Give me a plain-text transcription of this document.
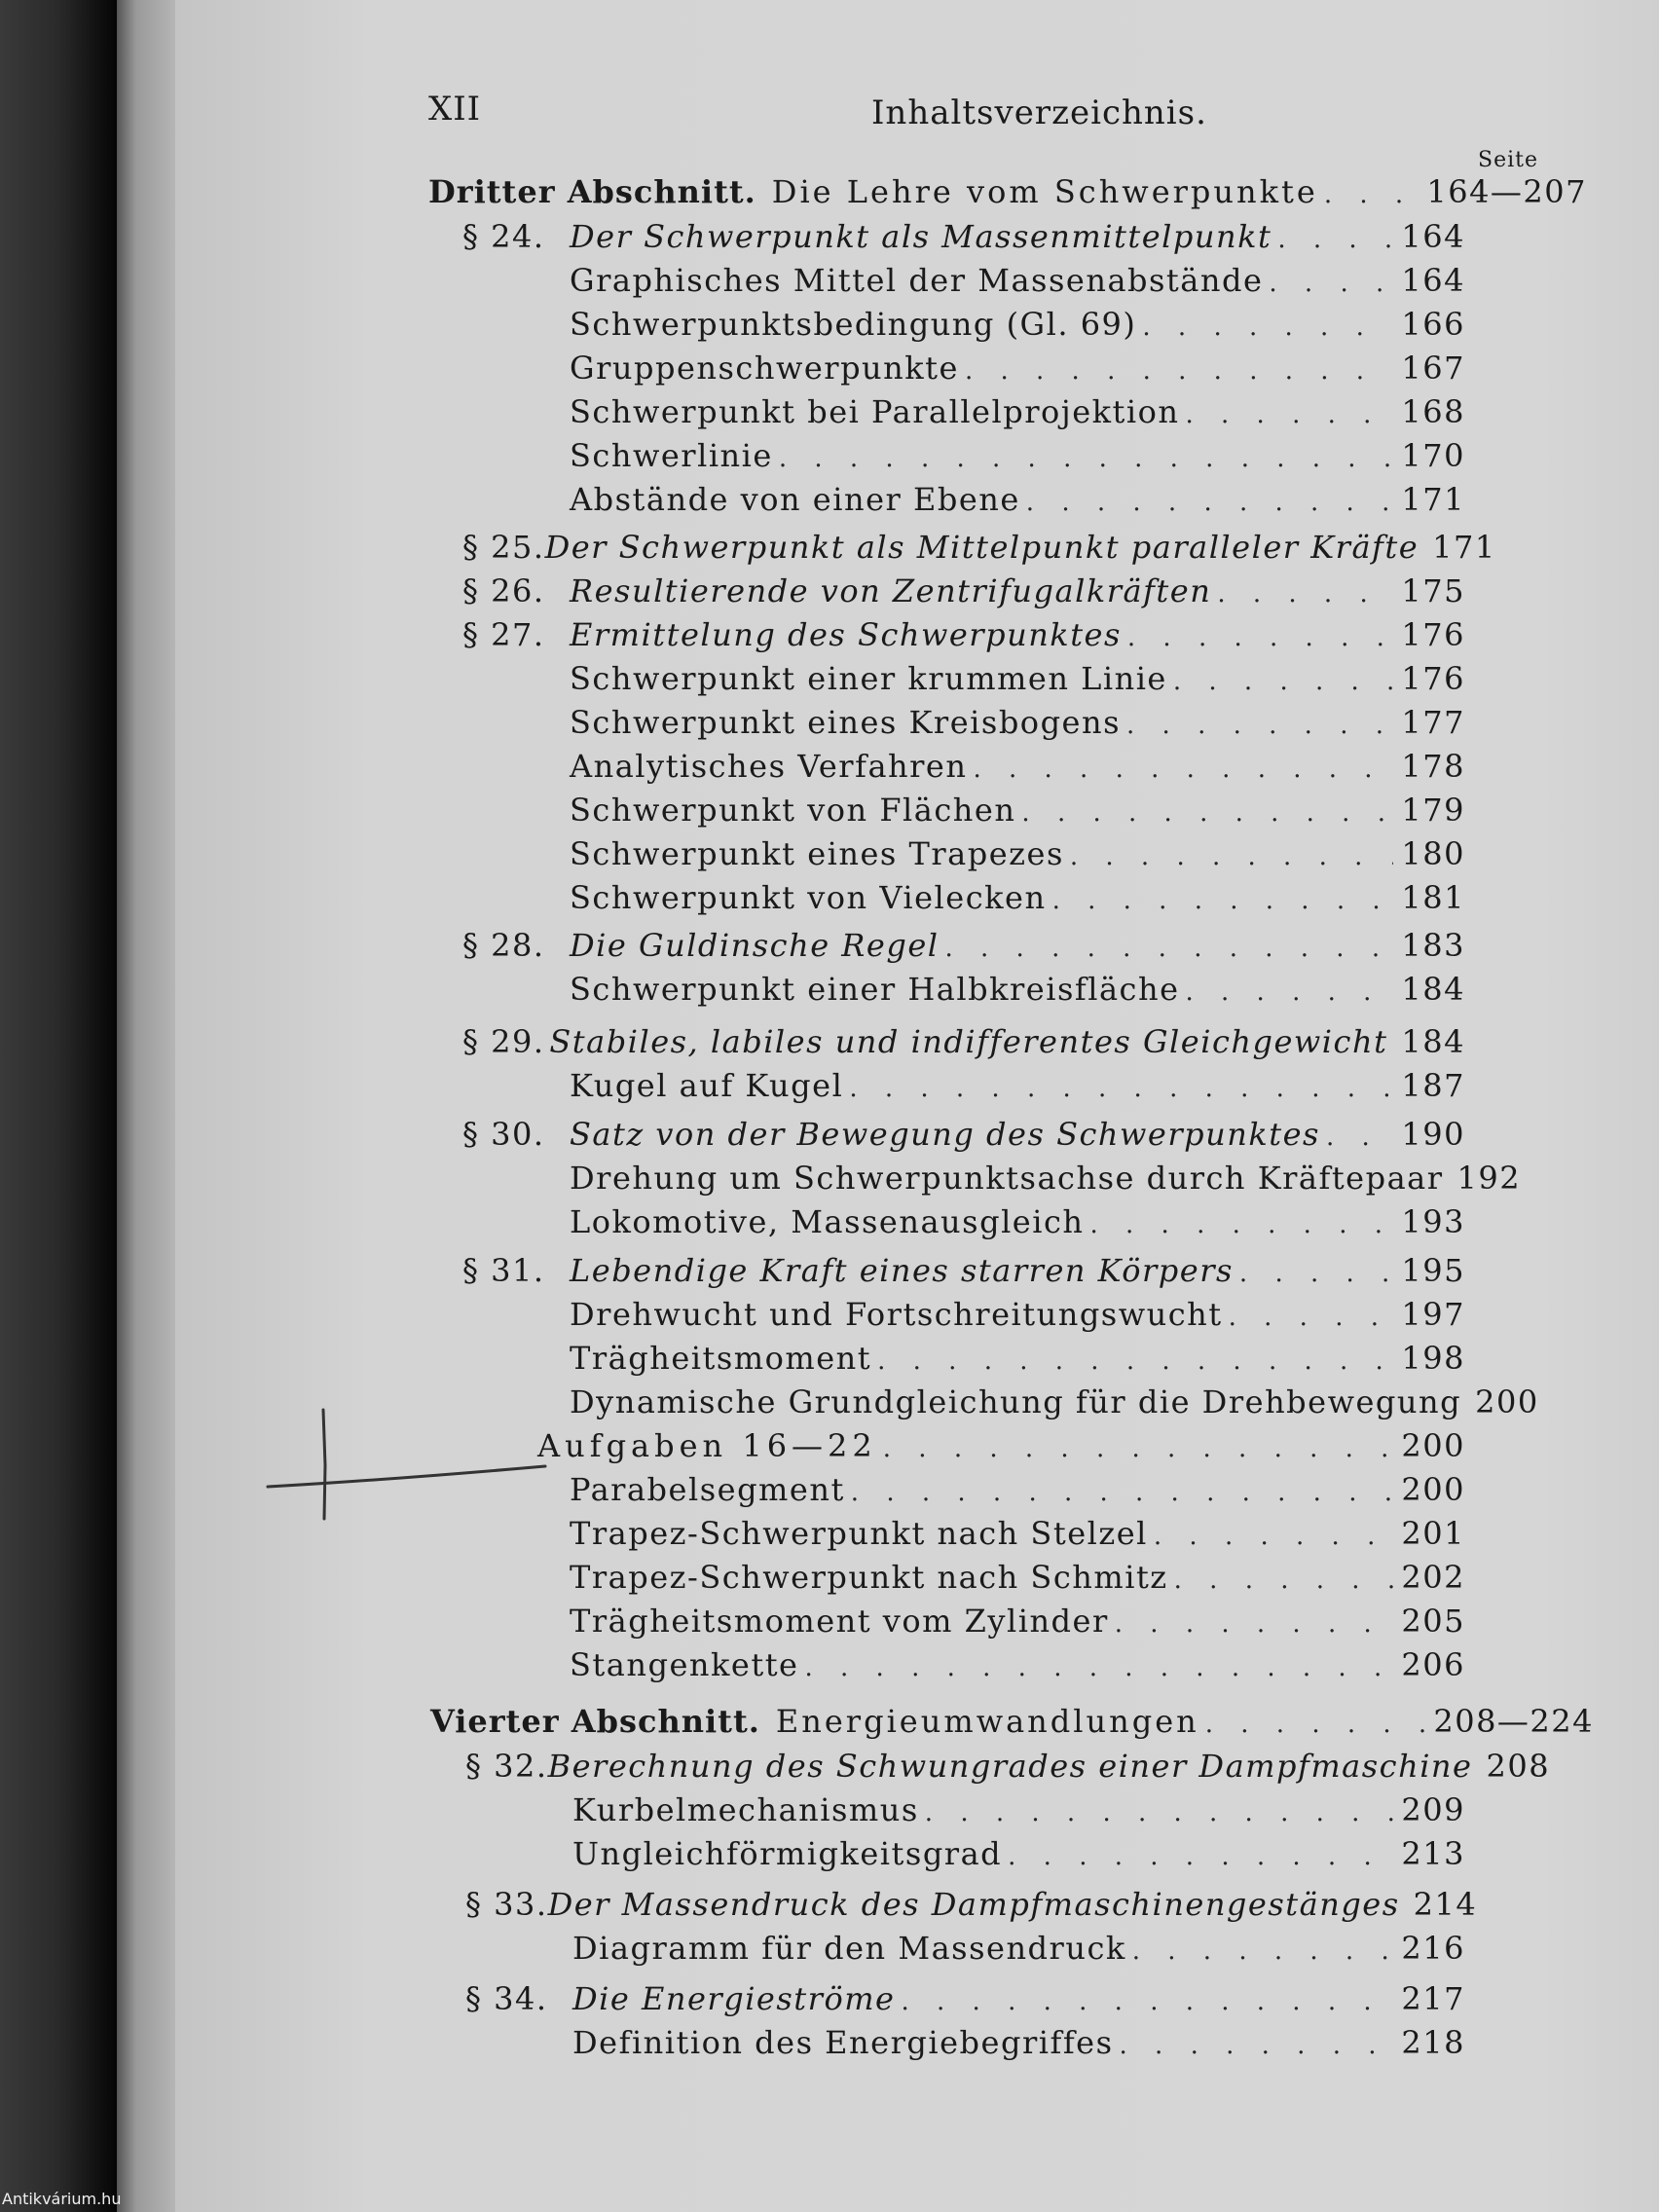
XII	Inhaltsverzeichnis.
Seite
Dritter Abschnitt. Die Lehre vom Schwerpunkte . . .	164—207
§ 24. Der Schwerpunkt als Massenmittelpunkt . . .	164
Graphisches Mittel der Massenabstände . . .	164
Schwerpunktsbedingung (Gl. 69) . . .	166
Gruppenschwerpunkte . . .	167
Schwerpunkt bei Parallelprojektion . . .	168
Schwerlinie . . .	170
Abstände von einer Ebene . . .	171
§ 25. Der Schwerpunkt als Mittelpunkt paralleler Kräfte 171
§ 26. Resultierende von Zentrifugalkräften . . .	175
§ 27. Ermittelung des Schwerpunktes . . .	176
Schwerpunkt einer krummen Linie . . .	176
Schwerpunkt eines Kreisbogens . . .	177
Analytisches Verfahren . . .	178
Schwerpunkt von Flächen . . .	179
Schwerpunkt eines Trapezes . . .	180
Schwerpunkt von Vielecken . . .	181
§ 28. Die Guldinsche Regel . . .	183
Schwerpunkt einer Halbkreisfläche . . .	184
§ 29. Stabiles, labiles und indifferentes Gleichgewicht 184
Kugel auf Kugel . . .	187
§ 30. Satz von der Bewegung des Schwerpunktes . . .	190
Drehung um Schwerpunktsachse durch Kräftepaar 192
Lokomotive, Massenausgleich . . .	193
§ 31. Lebendige Kraft eines starren Körpers . . .	195
Drehwucht und Fortschreitungswucht . . .	197
Trägheitsmoment . . .	198
Dynamische Grundgleichung für die Drehbewegung 200
Aufgaben 16—22 . . .	200
Parabelsegment . . .	200
Trapez-Schwerpunkt nach Stelzel . . .	201
Trapez-Schwerpunkt nach Schmitz . . .	202
Trägheitsmoment vom Zylinder . . .	205
Stangenkette . . .	206
Vierter Abschnitt. Energieumwandlungen . . .	208—224
§ 32. Berechnung des Schwungrades einer Dampfmaschine 208
Kurbelmechanismus . . .	209
Ungleichförmigkeitsgrad . . .	213
§ 33. Der Massendruck des Dampfmaschinengestänges 214
Diagramm für den Massendruck . . .	216
§ 34. Die Energieströme . . .	217
Definition des Energiebegriffes . . .	218
Antikvárium.hu
